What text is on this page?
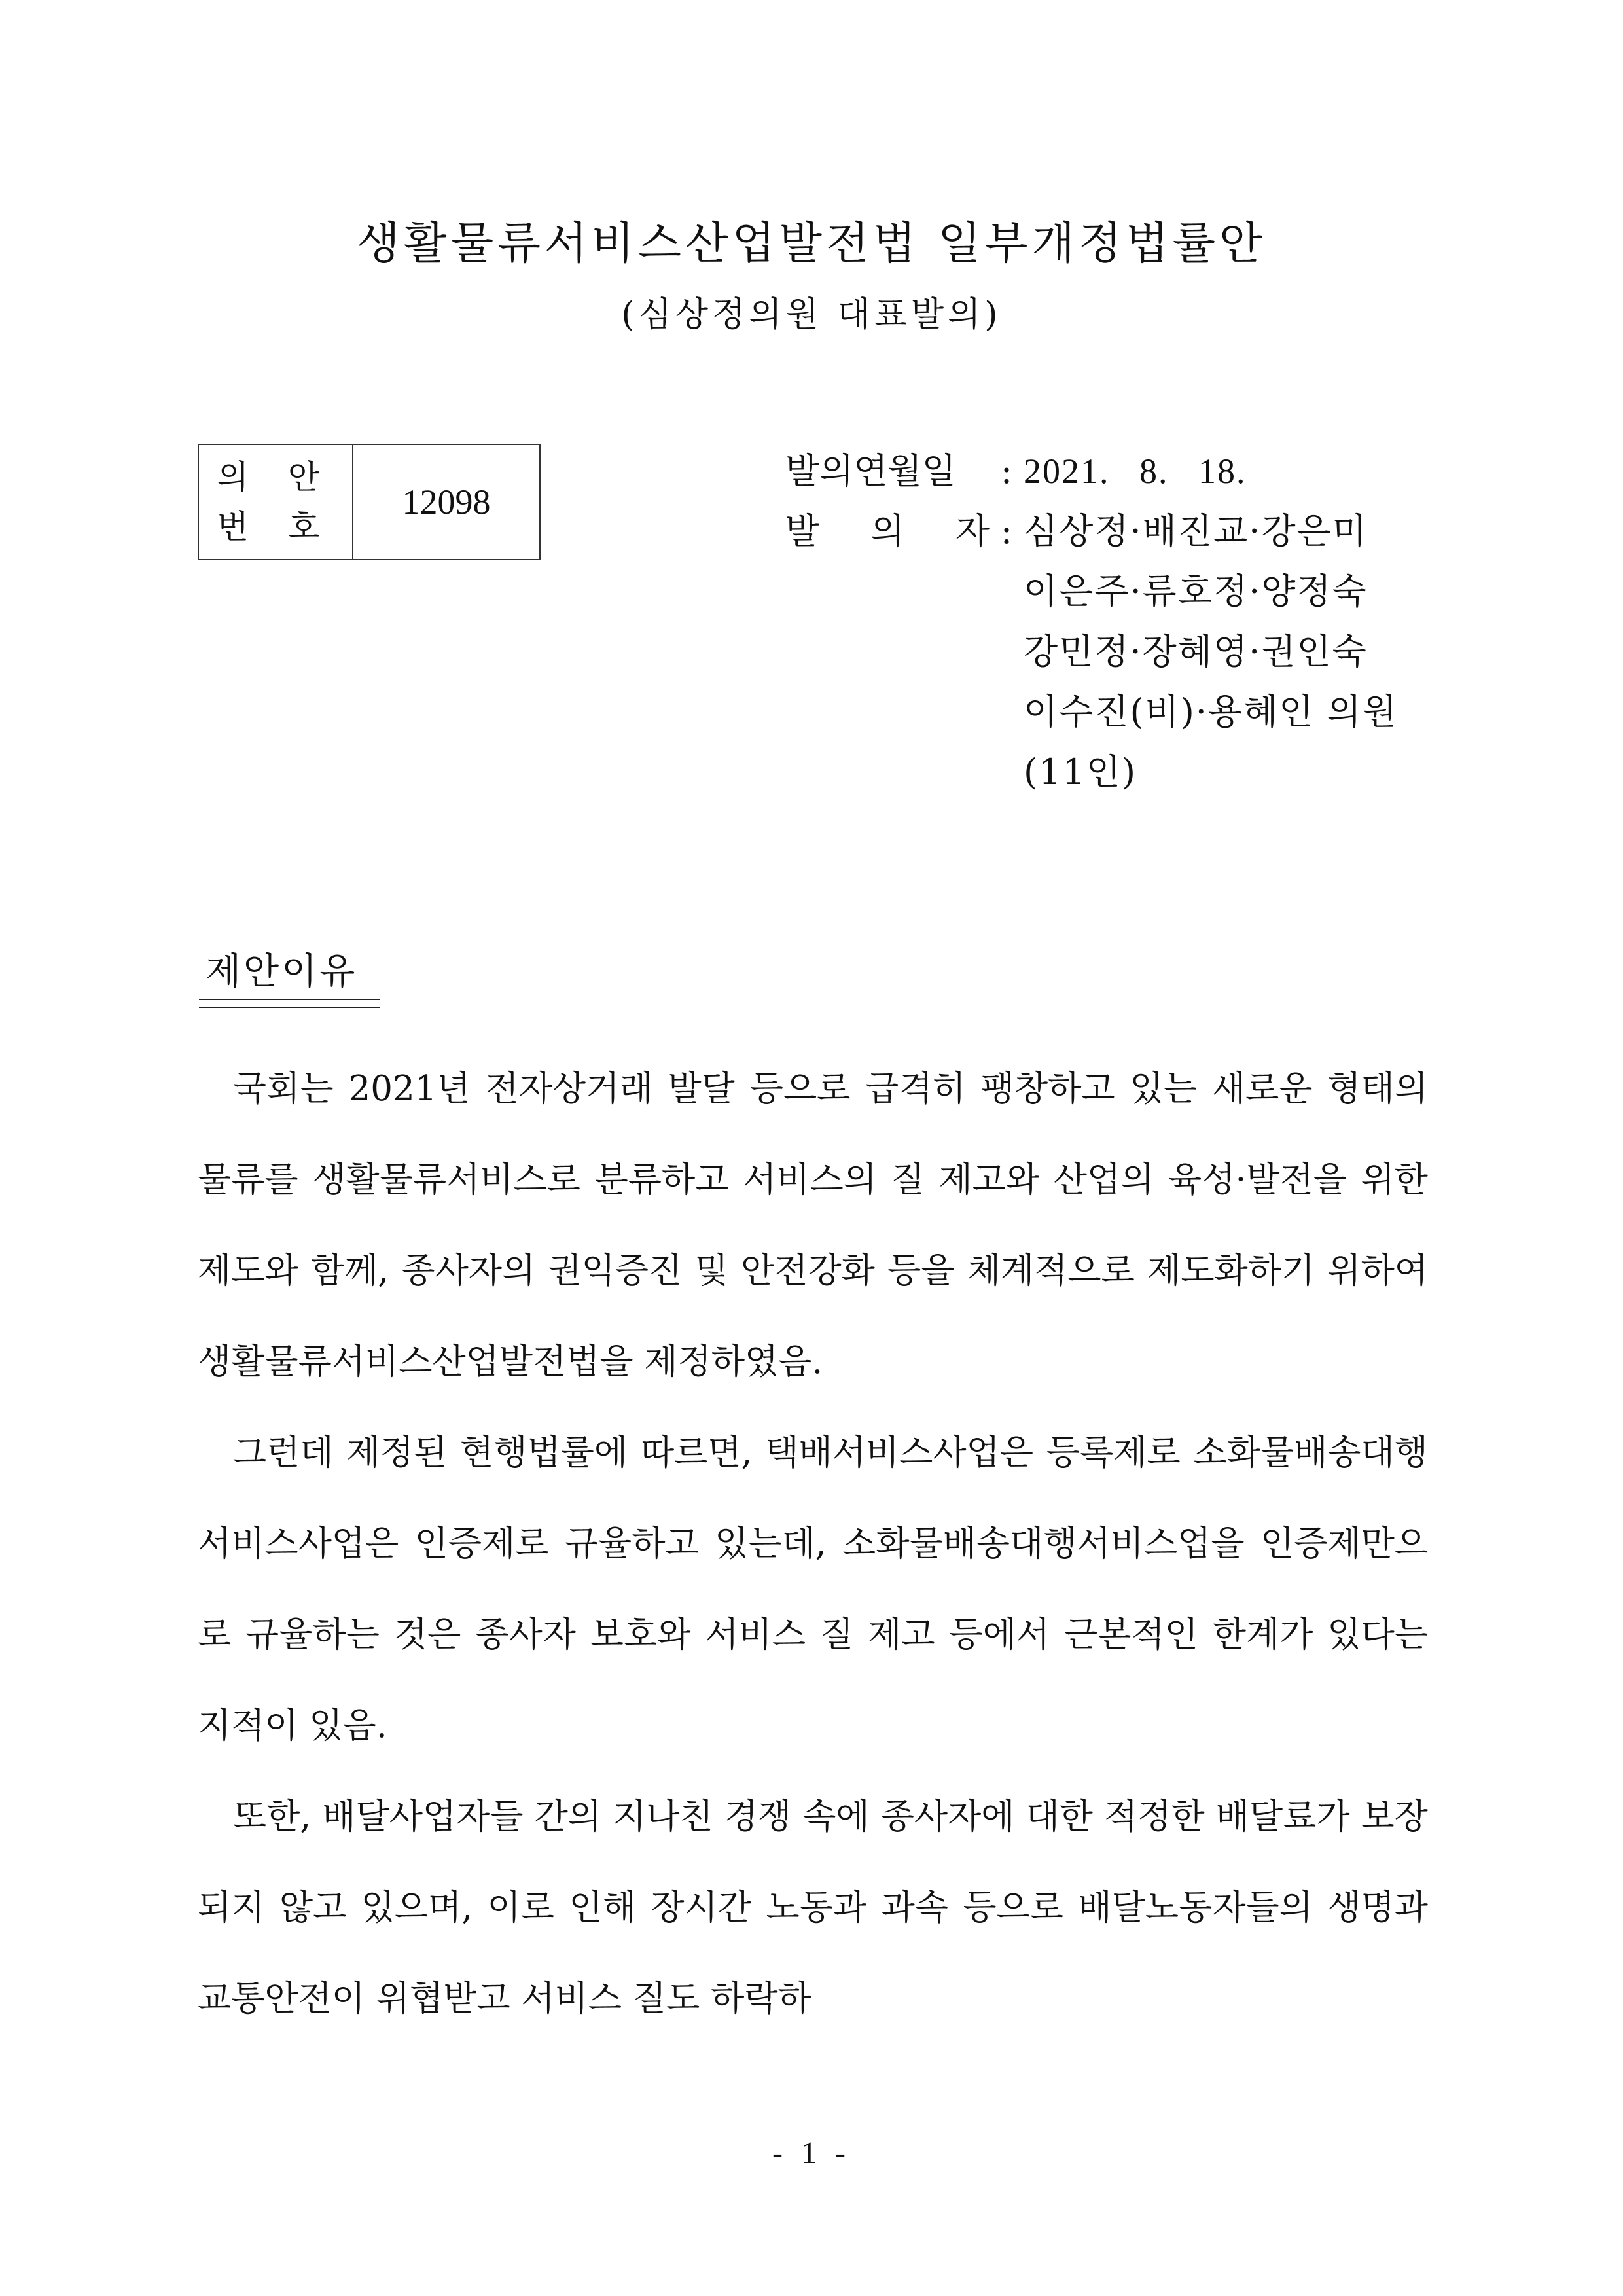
생활물류서비스산업발전법 일부개정법률안
(심상정의원 대표발의)
의 안
번 호
12098
발의연월일	: 2021. 8. 18.
발 의 자 : 심상정·배진교·강은미
이은주·류호정·양정숙
강민정·장혜영·권인숙
이수진(비)·용혜인 의원
(11인)
제안이유

국회는 2021년 전자상거래 발달 등으로 급격히 팽창하고 있는 새로운 형태의 물류를 생활물류서비스로 분류하고 서비스의 질 제고와 산업의 육성·발전을 위한 제도와 함께, 종사자의 권익증진 및 안전강화 등을 체계적으로 제도화하기 위하여 생활물류서비스산업발전법을 제정하였음.

그런데 제정된 현행법률에 따르면, 택배서비스사업은 등록제로 소화물배송대행서비스사업은 인증제로 규율하고 있는데, 소화물배송대행서비스업을 인증제만으로 규율하는 것은 종사자 보호와 서비스 질 제고 등에서 근본적인 한계가 있다는 지적이 있음.

또한, 배달사업자들 간의 지나친 경쟁 속에 종사자에 대한 적정한 배달료가 보장되지 않고 있으며, 이로 인해 장시간 노동과 과속 등으로 배달노동자들의 생명과 교통안전이 위협받고 서비스 질도 하락하

- 1 -
